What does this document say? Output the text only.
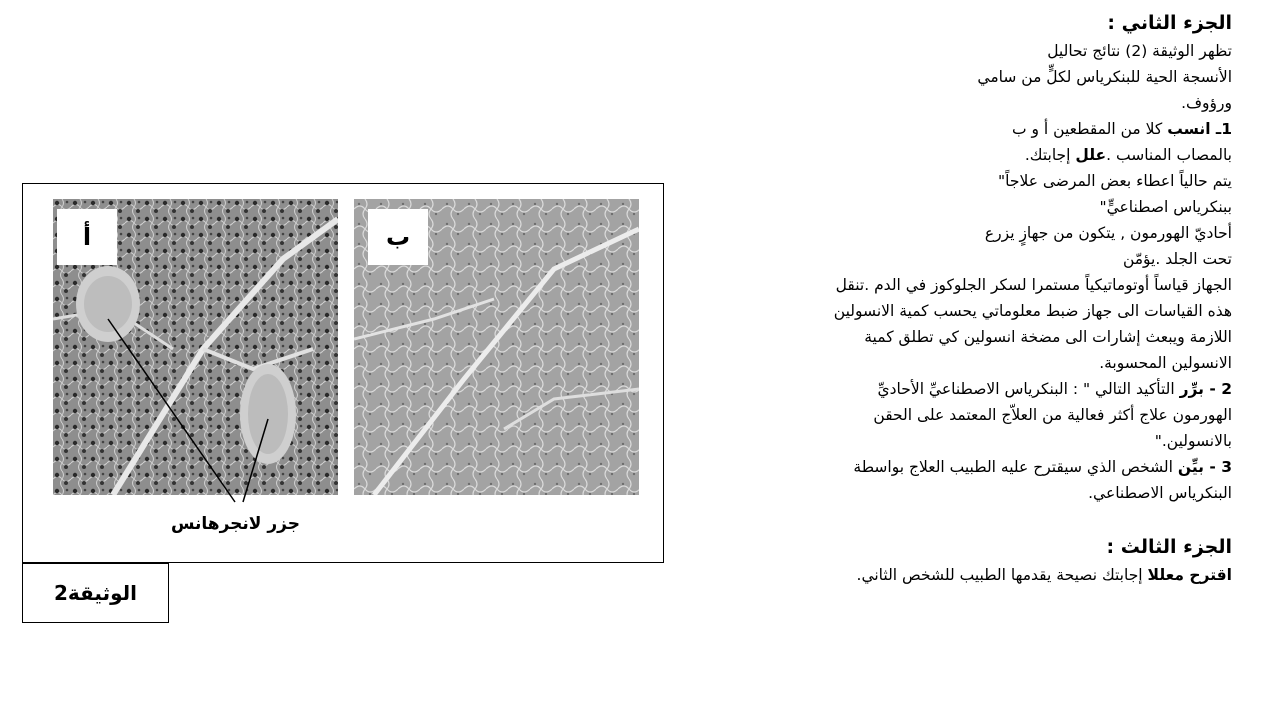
الجزء الثاني :

تظهر الوثيقة (2) نتائج تحاليل

الأنسجة الحية للبنكرياس لكلٍّ من سامي

ورؤوف.

1ـ انسب كلا من المقطعين أ و ب

بالمصاب المناسب .علل إجابتك.

يتم حالياً اعطاء بعض المرضى علاجاً"

ببنكرياس اصطناعيٍّ"

أحاديّ الهورمون , يتكون من جهازٍ يزرع

تحت الجلد .يؤمّن

الجهاز قياساً أوتوماتيكياً مستمرا لسكر الجلوكوز في الدم .تنقل

هذه القياسات الى جهاز ضبط معلوماتي يحسب كمية الانسولين

اللازمة ويبعث إشارات الى مضخة انسولين كي تطلق كمية

الانسولين المحسوبة.

2 - برِّر التأكيد التالي " : البنكرياس الاصطناعيِّ الأحاديِّ

الهورمون علاج أكثر فعالية من العلاّج المعتمد على الحقن

بالانسولين."

3 - بيِّن الشخص الذي سيقترح عليه الطبيب العلاج بواسطة

البنكرياس الاصطناعي.

الجزء الثالث :

اقترح معللا إجابتك نصيحة يقدمها الطبيب للشخص الثاني.

أ	ب
جزر لانجرهانس
الوثيقة2
